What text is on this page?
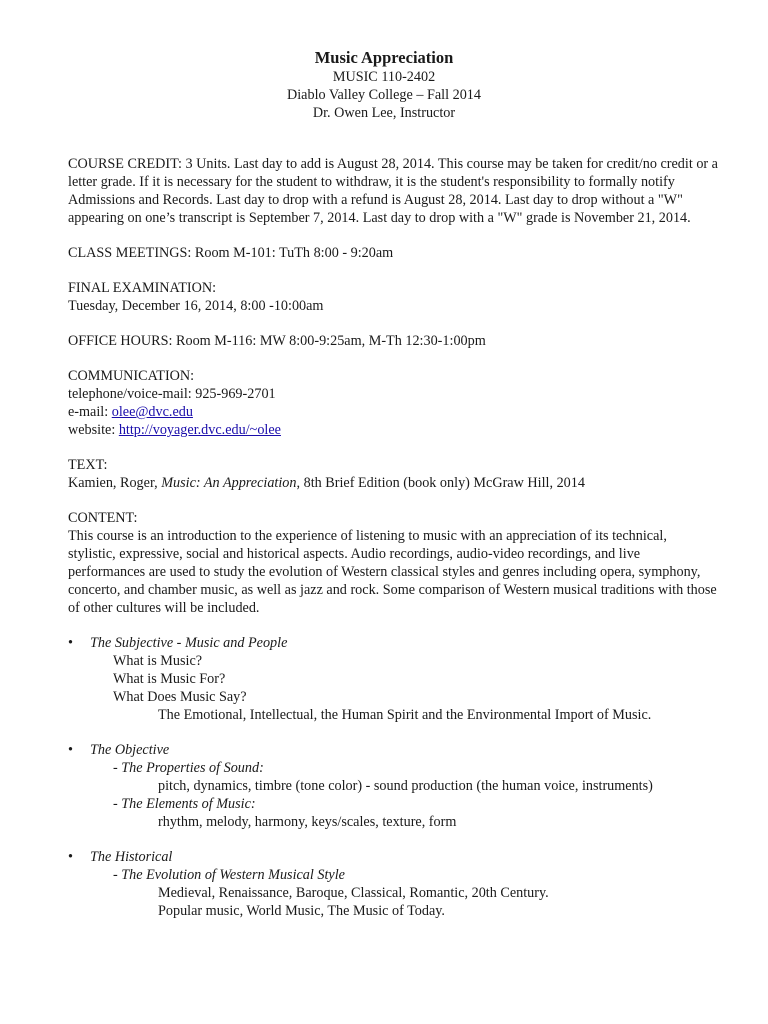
Music Appreciation
MUSIC 110-2402
Diablo Valley College – Fall 2014
Dr. Owen Lee, Instructor

COURSE CREDIT: 3 Units. Last day to add is August 28, 2014. This course may be taken for credit/no credit or a letter grade. If it is necessary for the student to withdraw, it is the student's responsibility to formally notify Admissions and Records. Last day to drop with a refund is August 28, 2014. Last day to drop without a "W" appearing on one’s transcript is September 7, 2014. Last day to drop with a "W" grade is November 21, 2014.

CLASS MEETINGS: Room M-101: TuTh 8:00 - 9:20am

FINAL EXAMINATION:
Tuesday, December 16, 2014, 8:00 -10:00am

OFFICE HOURS: Room M-116: MW 8:00-9:25am, M-Th 12:30-1:00pm

COMMUNICATION:
telephone/voice-mail: 925-969-2701
e-mail: olee@dvc.edu
website: http://voyager.dvc.edu/~olee
TEXT:
Kamien, Roger, Music: An Appreciation, 8th Brief Edition (book only) McGraw Hill, 2014
CONTENT:

This course is an introduction to the experience of listening to music with an appreciation of its technical, stylistic, expressive, social and historical aspects. Audio recordings, audio-video recordings, and live performances are used to study the evolution of Western classical styles and genres including opera, symphony, concerto, and chamber music, as well as jazz and rock. Some comparison of Western musical traditions with those of other cultures will be included.

• The Subjective - Music and People
What is Music?
What is Music For?
What Does Music Say?
The Emotional, Intellectual, the Human Spirit and the Environmental Import of Music.
• The Objective
- The Properties of Sound:
pitch, dynamics, timbre (tone color) - sound production (the human voice, instruments)
- The Elements of Music:
rhythm, melody, harmony, keys/scales, texture, form
• The Historical
- The Evolution of Western Musical Style
Medieval, Renaissance, Baroque, Classical, Romantic, 20th Century.
Popular music, World Music, The Music of Today.
